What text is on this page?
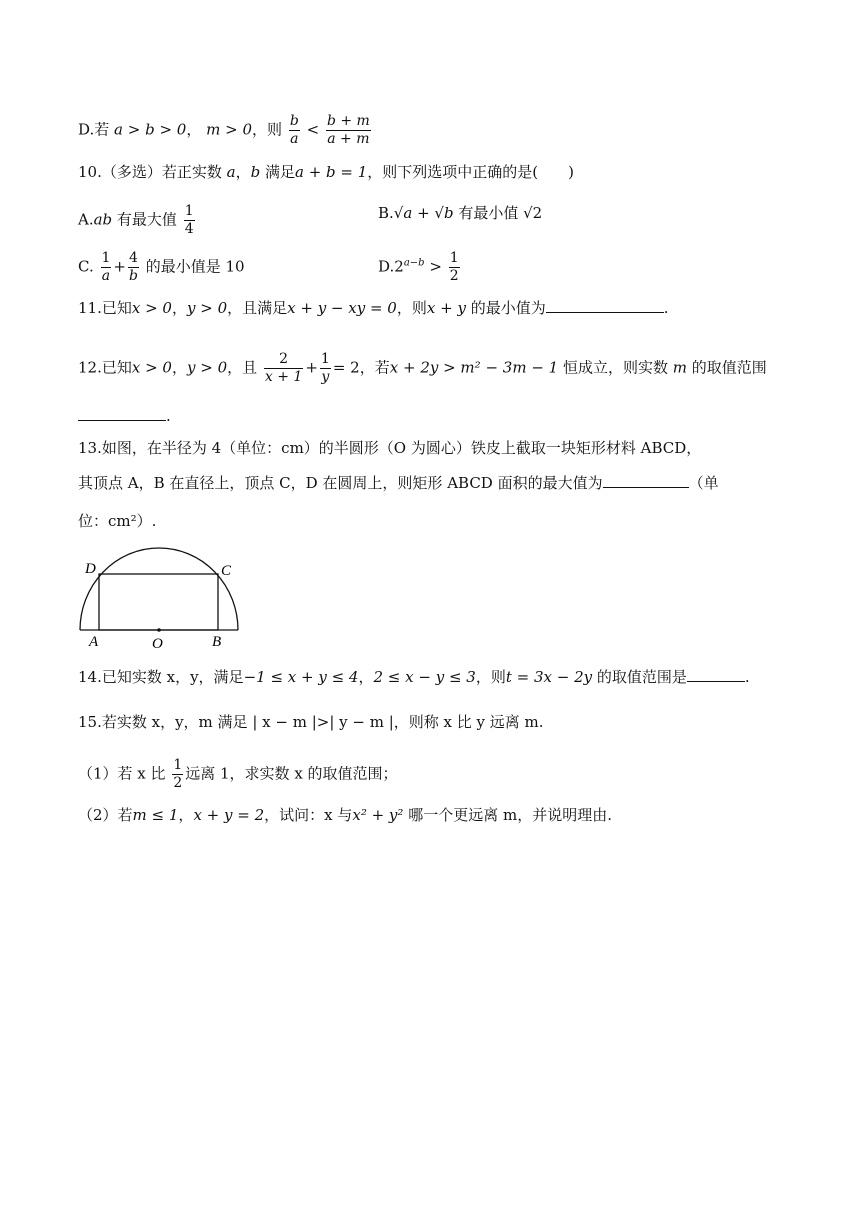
D.若 a > b > 0， m > 0，则 $\frac{b}{a} < \frac{b + m}{a + m}$
10.（多选）若正实数 a，b 满足a + b = 1，则下列选项中正确的是(　　)
A.ab 有最大值 $\frac{1}{4}$	B.√a + √b 有最小值 √2
C. $\frac{1}{a} + \frac{4}{b}$ 的最小值是 10	$D.2^{a-b} > \frac{1}{2}$
11.已知x > 0，y > 0，且满足x + y − xy = 0，则x + y 的最小值为	.
12.已知x > 0，y > 0，且 $\frac{2}{x + 1} + \frac{1}{y} = 2$，若x + 2y > m² − 3m − 1 恒成立，则实数 m 的取值范围
.
13.如图，在半径为 4（单位：cm）的半圆形（O 为圆心）铁皮上截取一块矩形材料 ABCD，
其顶点 A，B 在直径上，顶点 C，D 在圆周上，则矩形 ABCD 面积的最大值为	（单
位：cm²）.
D	C
A	O	B
14.已知实数 x，y，满足−1 ≤ x + y ≤ 4，2 ≤ x − y ≤ 3，则t = 3x − 2y 的取值范围是	.
15.若实数 x，y，m 满足 | x − m |>| y − m |，则称 x 比 y 远离 m.
（1）若 x 比 $\frac{1}{2}$ 远离 1，求实数 x 的取值范围；
（2）若m ≤ 1，x + y = 2，试问：x 与x² + y² 哪一个更远离 m，并说明理由.
